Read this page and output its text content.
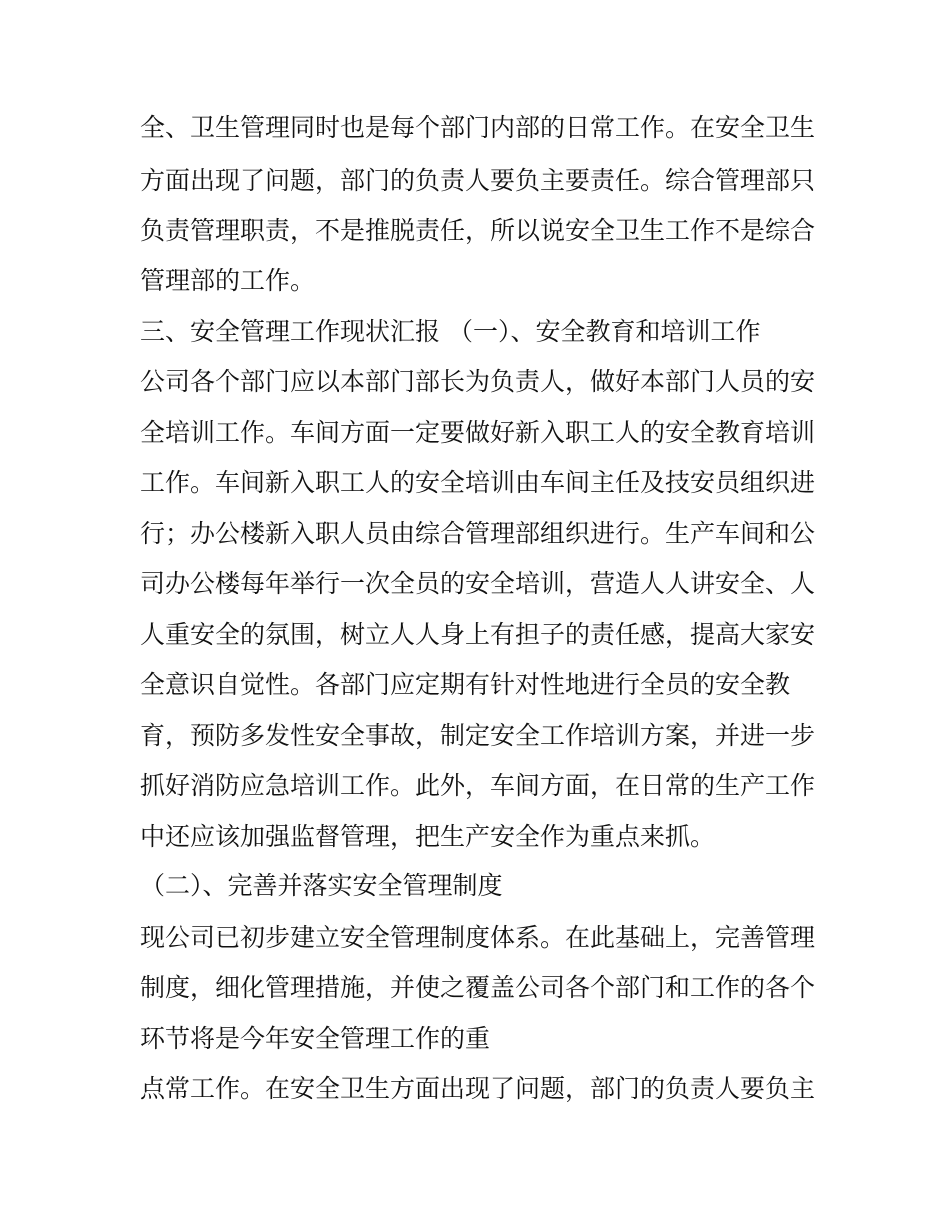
全、卫生管理同时也是每个部门内部的日常工作。在安全卫生
方面出现了问题，部门的负责人要负主要责任。综合管理部只
负责管理职责，不是推脱责任，所以说安全卫生工作不是综合
管理部的工作。
三、安全管理工作现状汇报 （一）、安全教育和培训工作
公司各个部门应以本部门部长为负责人，做好本部门人员的安
全培训工作。车间方面一定要做好新入职工人的安全教育培训
工作。车间新入职工人的安全培训由车间主任及技安员组织进
行；办公楼新入职人员由综合管理部组织进行。生产车间和公
司办公楼每年举行一次全员的安全培训，营造人人讲安全、人
人重安全的氛围，树立人人身上有担子的责任感，提高大家安
全意识自觉性。各部门应定期有针对性地进行全员的安全教
育，预防多发性安全事故，制定安全工作培训方案，并进一步
抓好消防应急培训工作。此外，车间方面，在日常的生产工作
中还应该加强监督管理，把生产安全作为重点来抓。
（二）、完善并落实安全管理制度
现公司已初步建立安全管理制度体系。在此基础上，完善管理
制度，细化管理措施，并使之覆盖公司各个部门和工作的各个
环节将是今年安全管理工作的重
点常工作。在安全卫生方面出现了问题，部门的负责人要负主
